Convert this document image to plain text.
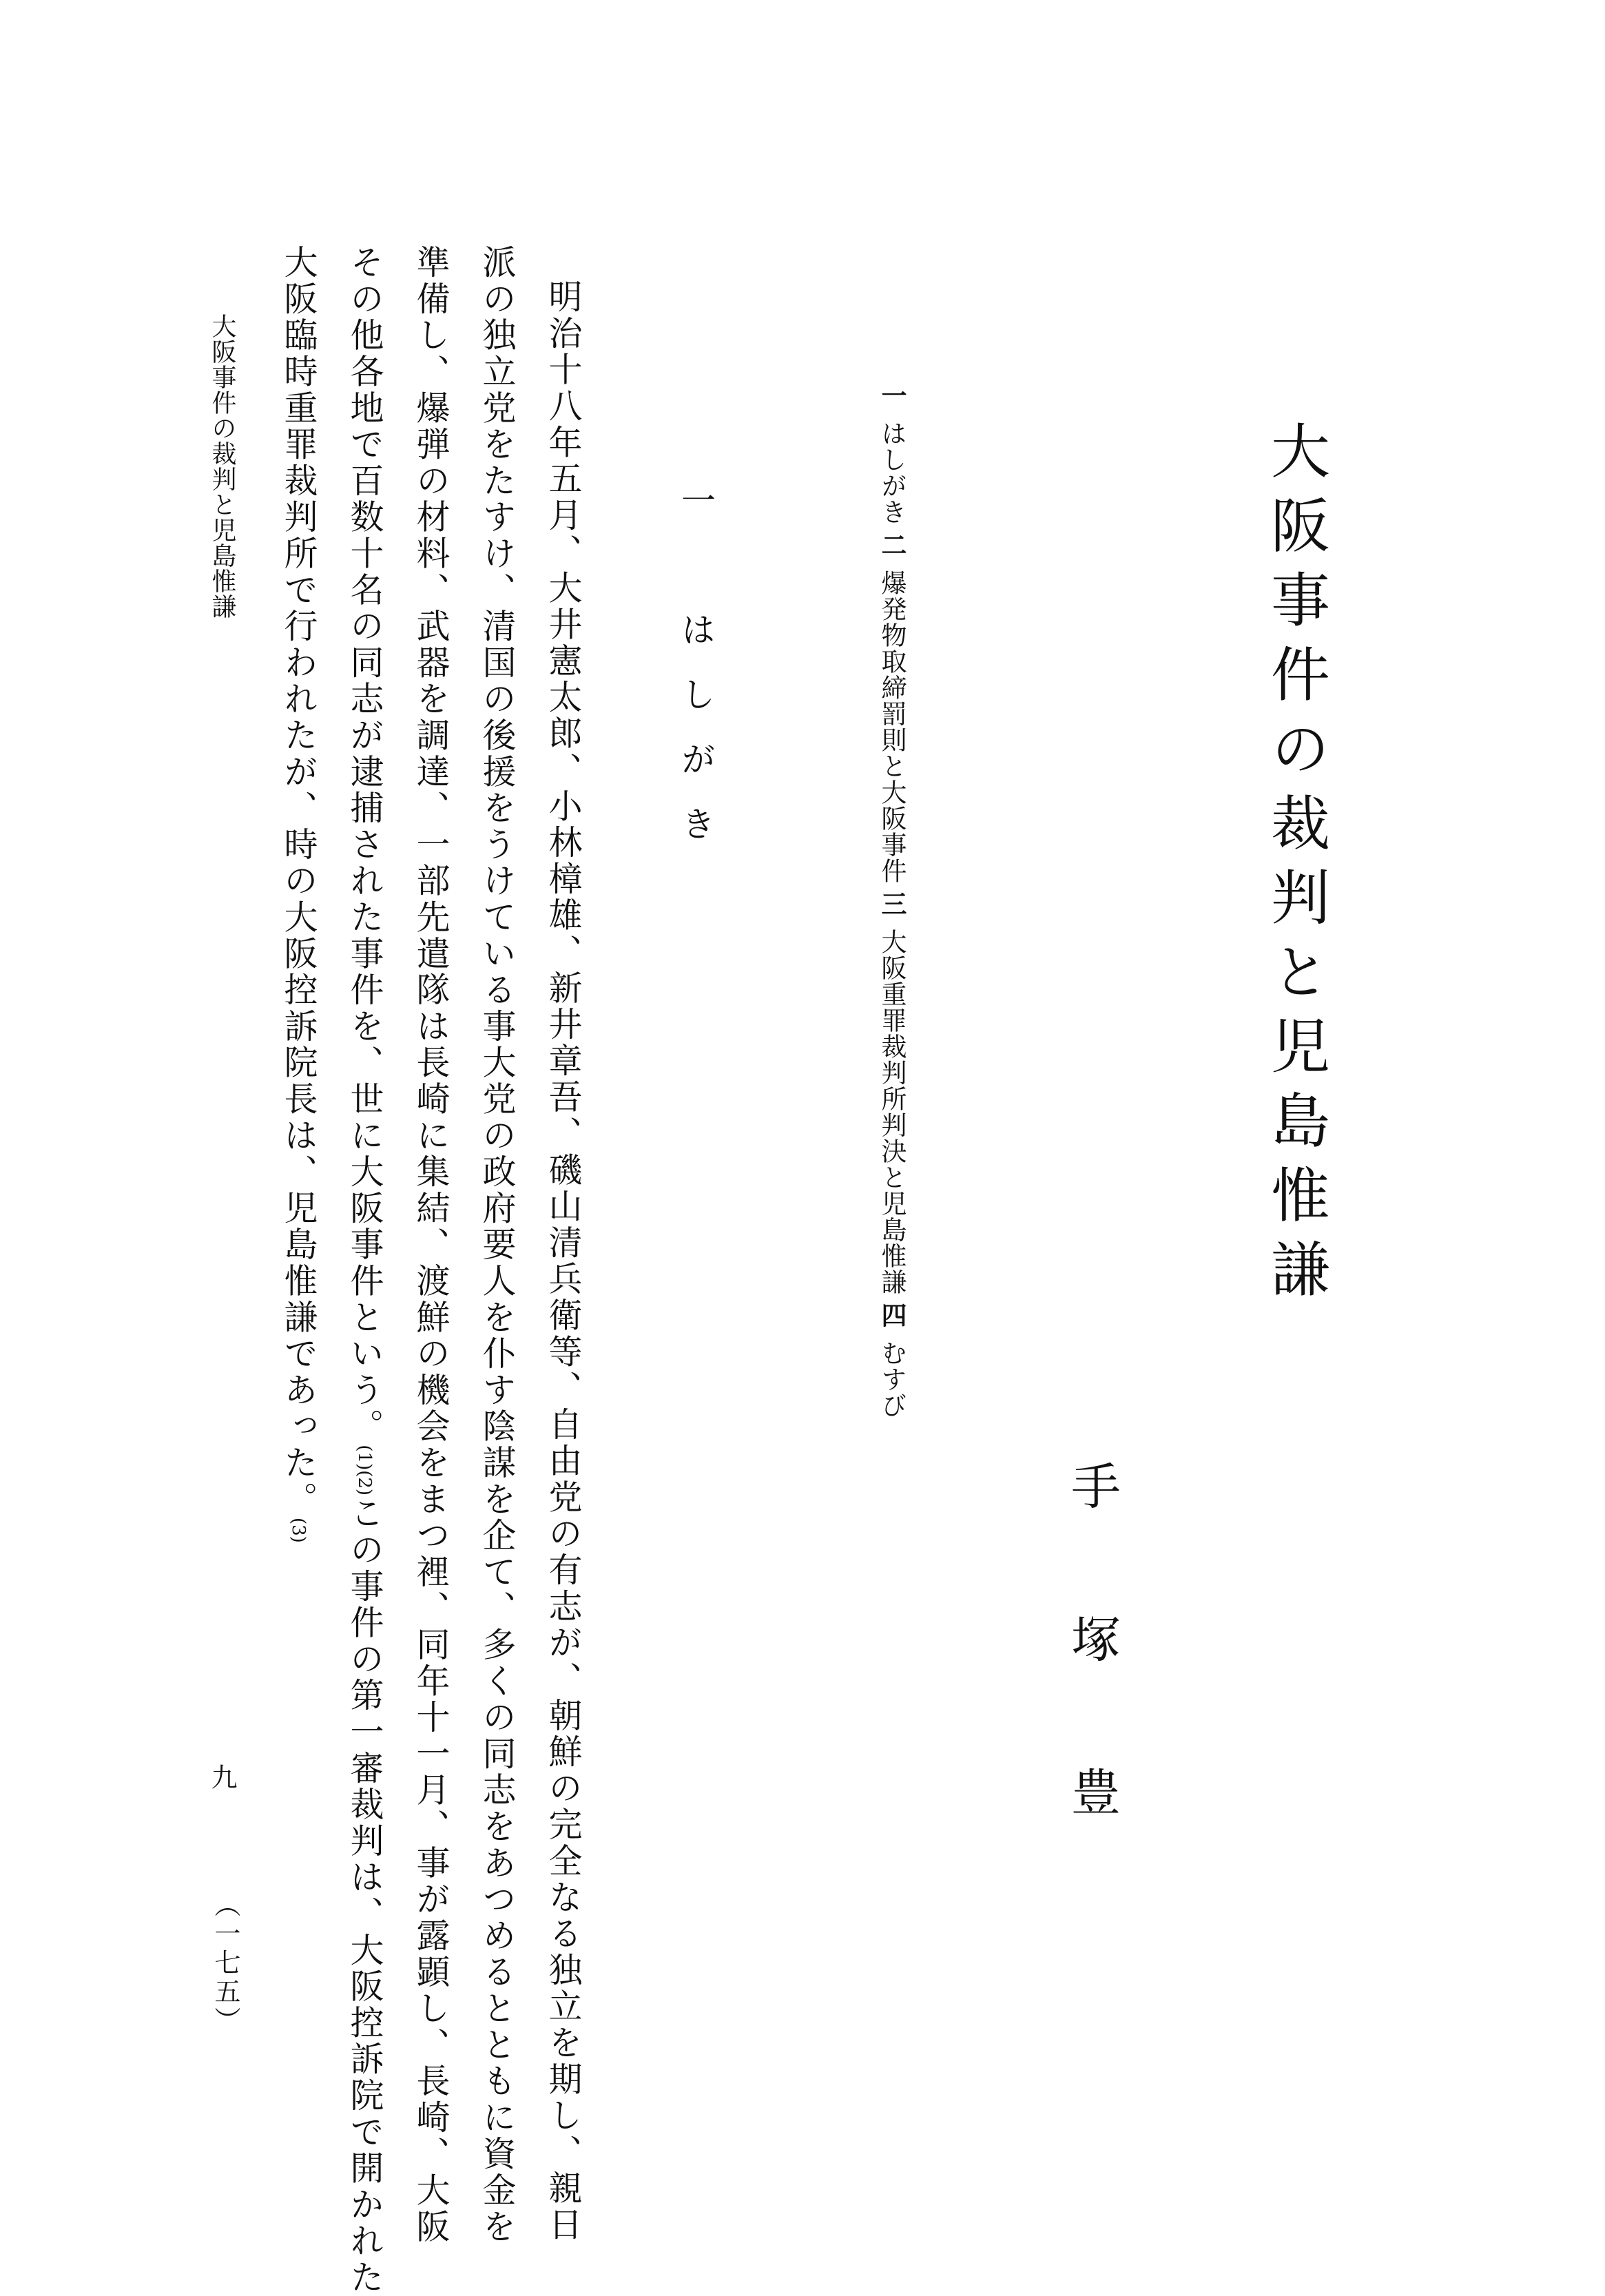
大阪事件の裁判と児島惟謙
手塚豊
一
はしがき
二
爆発物取締罰則と大阪事件
三
大阪重罪裁判所判決と児島惟謙
四
むすび
一　はしがき
明治十八年五月、大井憲太郎、小林樟雄、新井章吾、磯山清兵衛等、自由党の有志が、朝鮮の完全なる独立を期し、親日
派の独立党をたすけ、清国の後援をうけている事大党の政府要人を仆す陰謀を企て、多くの同志をあつめるとともに資金を
準備し、爆弾の材料、武器を調達、一部先遣隊は長崎に集結、渡鮮の機会をまつ裡、同年十一月、事が露顕し、長崎、大阪
その他各地で百数十名の同志が逮捕された事件を、世に大阪事件という。(1)(2)この事件の第一審裁判は、大阪控訴院で開かれた
大阪臨時重罪裁判所で行われたが、時の大阪控訴院長は、児島惟謙であった。(3)
大阪事件の裁判と児島惟謙
九
（一七五）
